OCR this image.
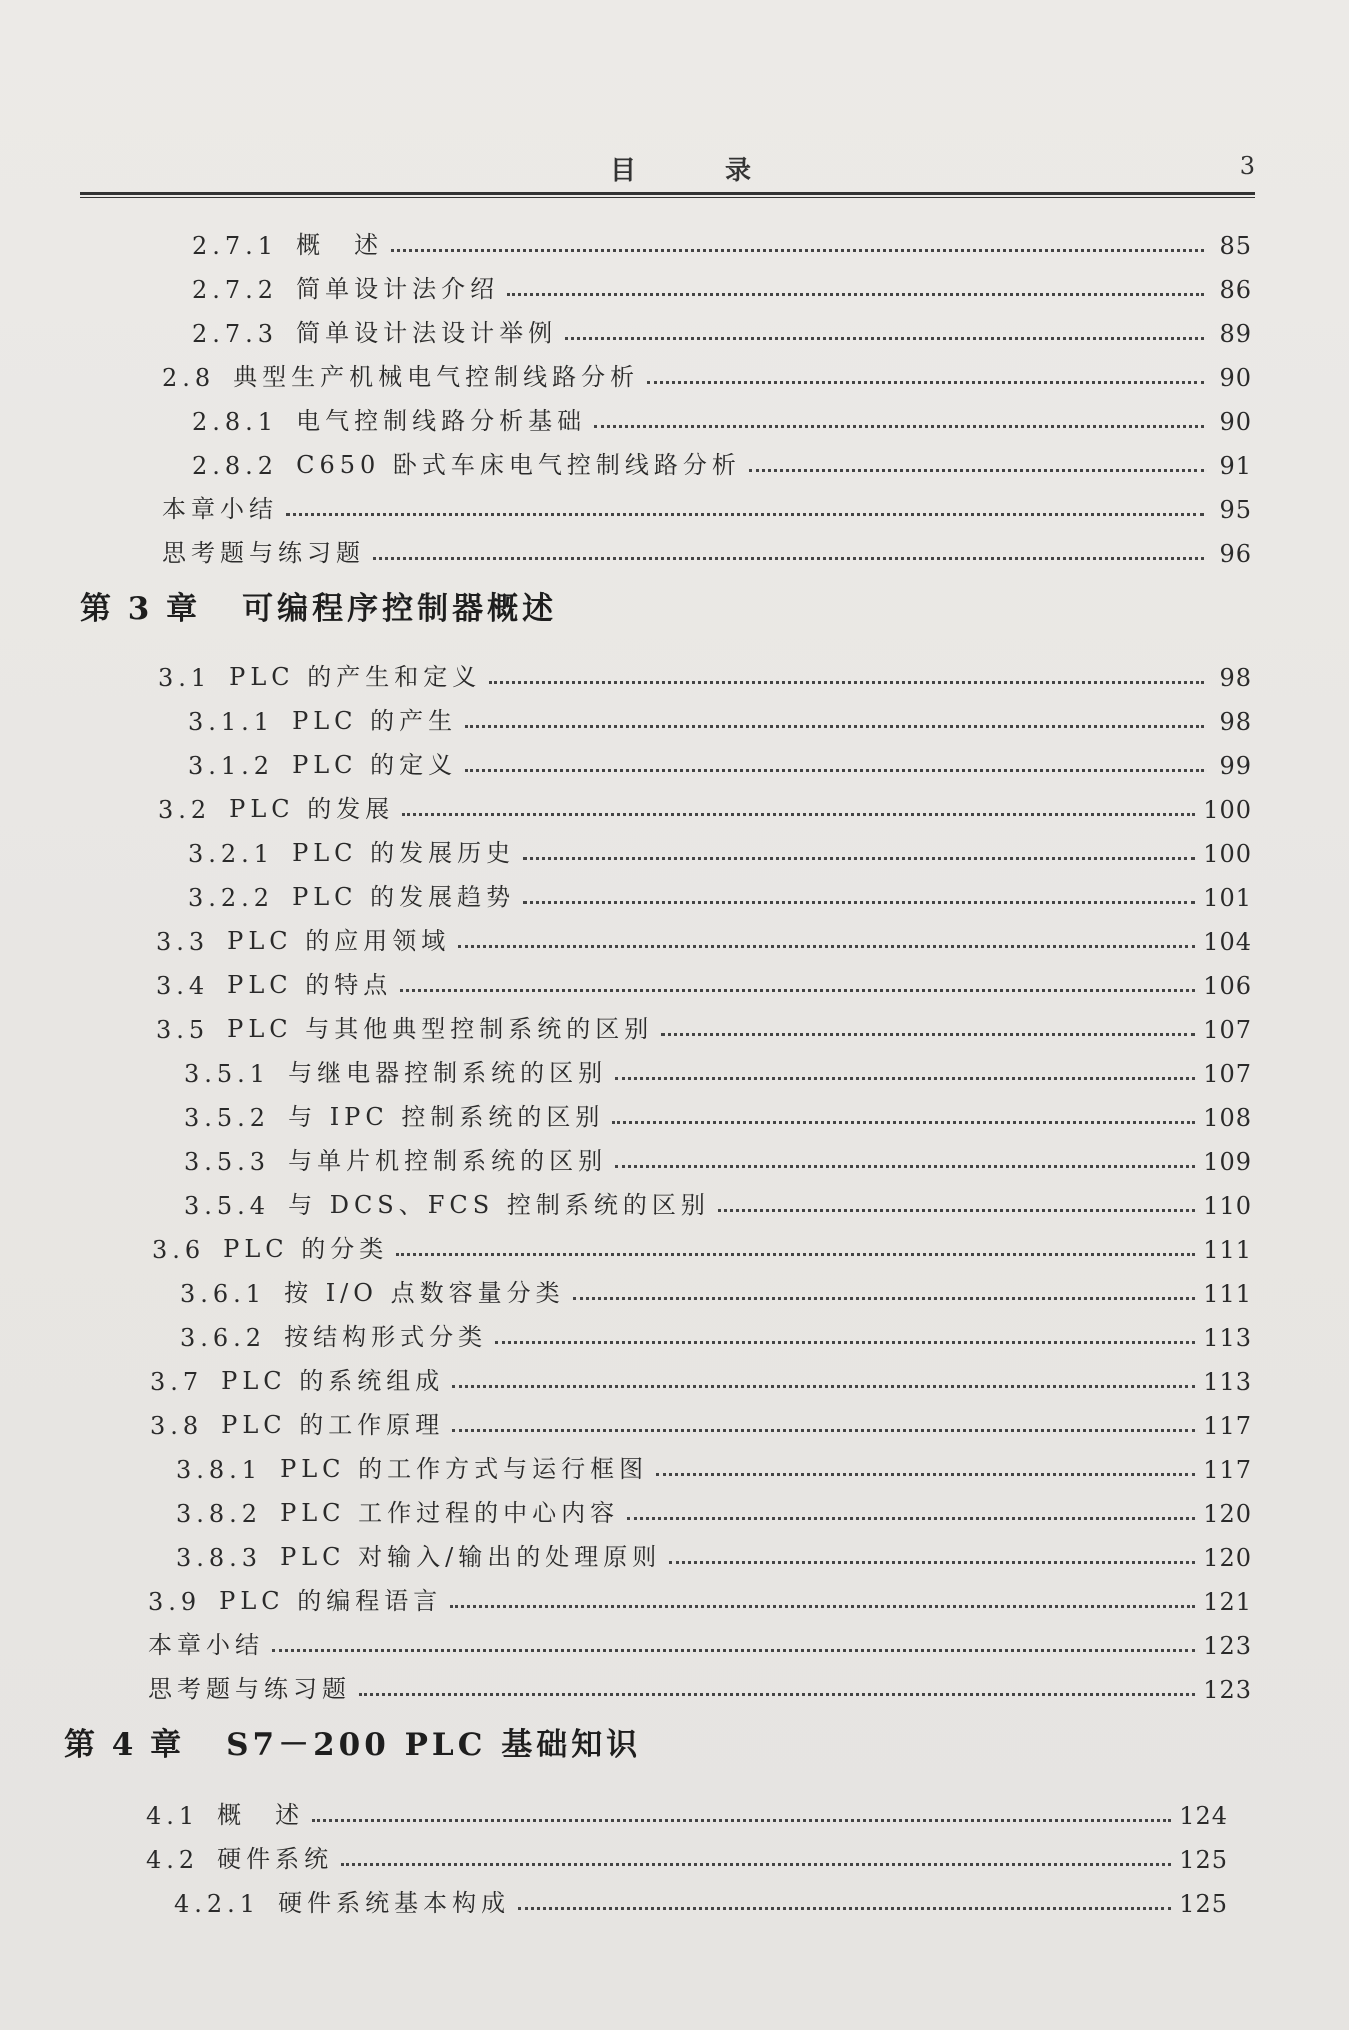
目 录	3
2.7.1 概　述	85
2.7.2 简单设计法介绍	86
2.7.3 简单设计法设计举例	89
2.8 典型生产机械电气控制线路分析	90
2.8.1 电气控制线路分析基础	90
2.8.2 C650 卧式车床电气控制线路分析	91
本章小结	95
思考题与练习题	96
第 3 章 可编程序控制器概述
3.1 PLC 的产生和定义	98
3.1.1 PLC 的产生	98
3.1.2 PLC 的定义	99
3.2 PLC 的发展	100
3.2.1 PLC 的发展历史	100
3.2.2 PLC 的发展趋势	101
3.3 PLC 的应用领域	104
3.4 PLC 的特点	106
3.5 PLC 与其他典型控制系统的区别	107
3.5.1 与继电器控制系统的区别	107
3.5.2 与 IPC 控制系统的区别	108
3.5.3 与单片机控制系统的区别	109
3.5.4 与 DCS、FCS 控制系统的区别	110
3.6 PLC 的分类	111
3.6.1 按 I/O 点数容量分类	111
3.6.2 按结构形式分类	113
3.7 PLC 的系统组成	113
3.8 PLC 的工作原理	117
3.8.1 PLC 的工作方式与运行框图	117
3.8.2 PLC 工作过程的中心内容	120
3.8.3 PLC 对输入/输出的处理原则	120
3.9 PLC 的编程语言	121
本章小结	123
思考题与练习题	123
第 4 章 S7－200 PLC 基础知识
4.1 概　述	124
4.2 硬件系统	125
4.2.1 硬件系统基本构成	125
